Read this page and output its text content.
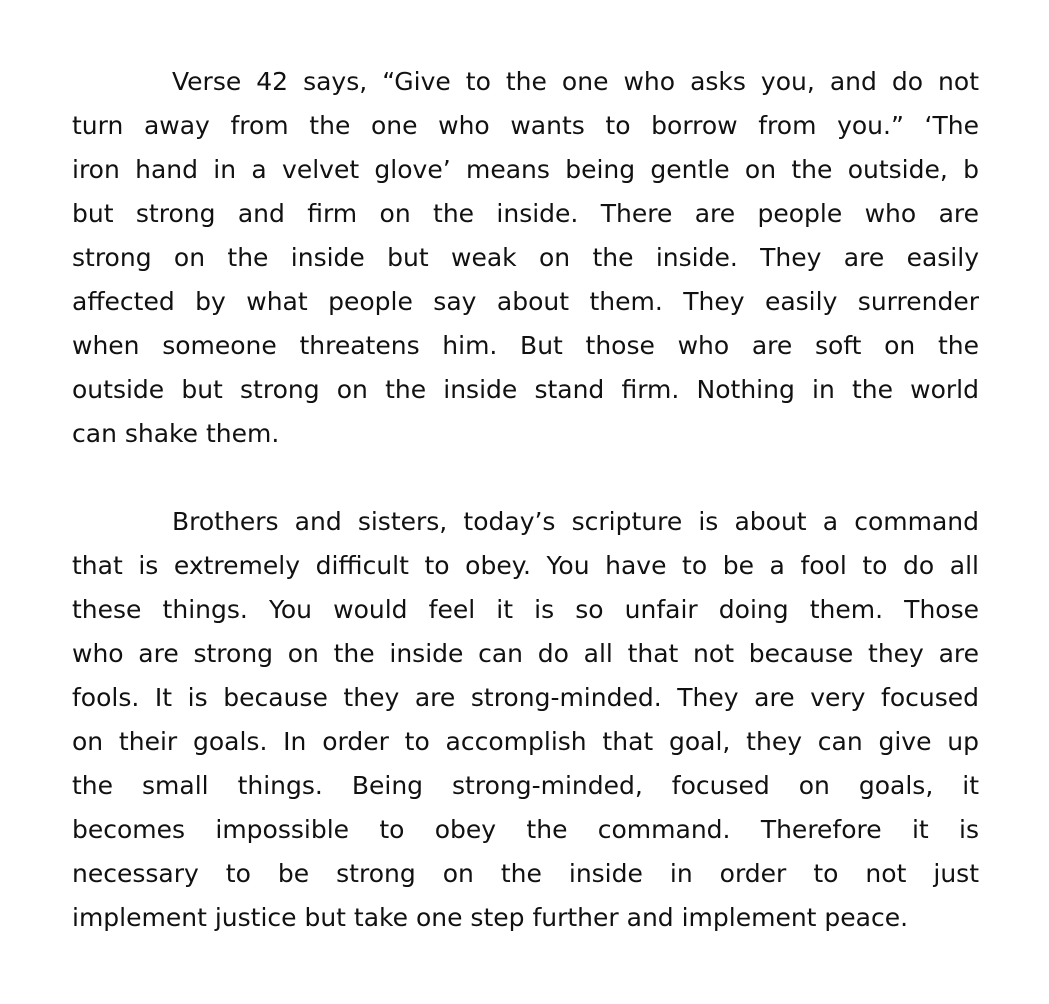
Verse 42 says, “Give to the one who asks you, and do not
turn away from the one who wants to borrow from you.” ‘The
iron hand in a velvet glove’ means being gentle on the outside, b
but strong and firm on the inside. There are people who are
strong on the inside but weak on the inside. They are easily
affected by what people say about them. They easily surrender
when someone threatens him. But those who are soft on the
outside but strong on the inside stand firm. Nothing in the world
can shake them.
Brothers and sisters, today’s scripture is about a command
that is extremely difficult to obey. You have to be a fool to do all
these things. You would feel it is so unfair doing them. Those
who are strong on the inside can do all that not because they are
fools. It is because they are strong-minded. They are very focused
on their goals. In order to accomplish that goal, they can give up
the small things. Being strong-minded, focused on goals, it
becomes impossible to obey the command. Therefore it is
necessary to be strong on the inside in order to not just
implement justice but take one step further and implement peace.
